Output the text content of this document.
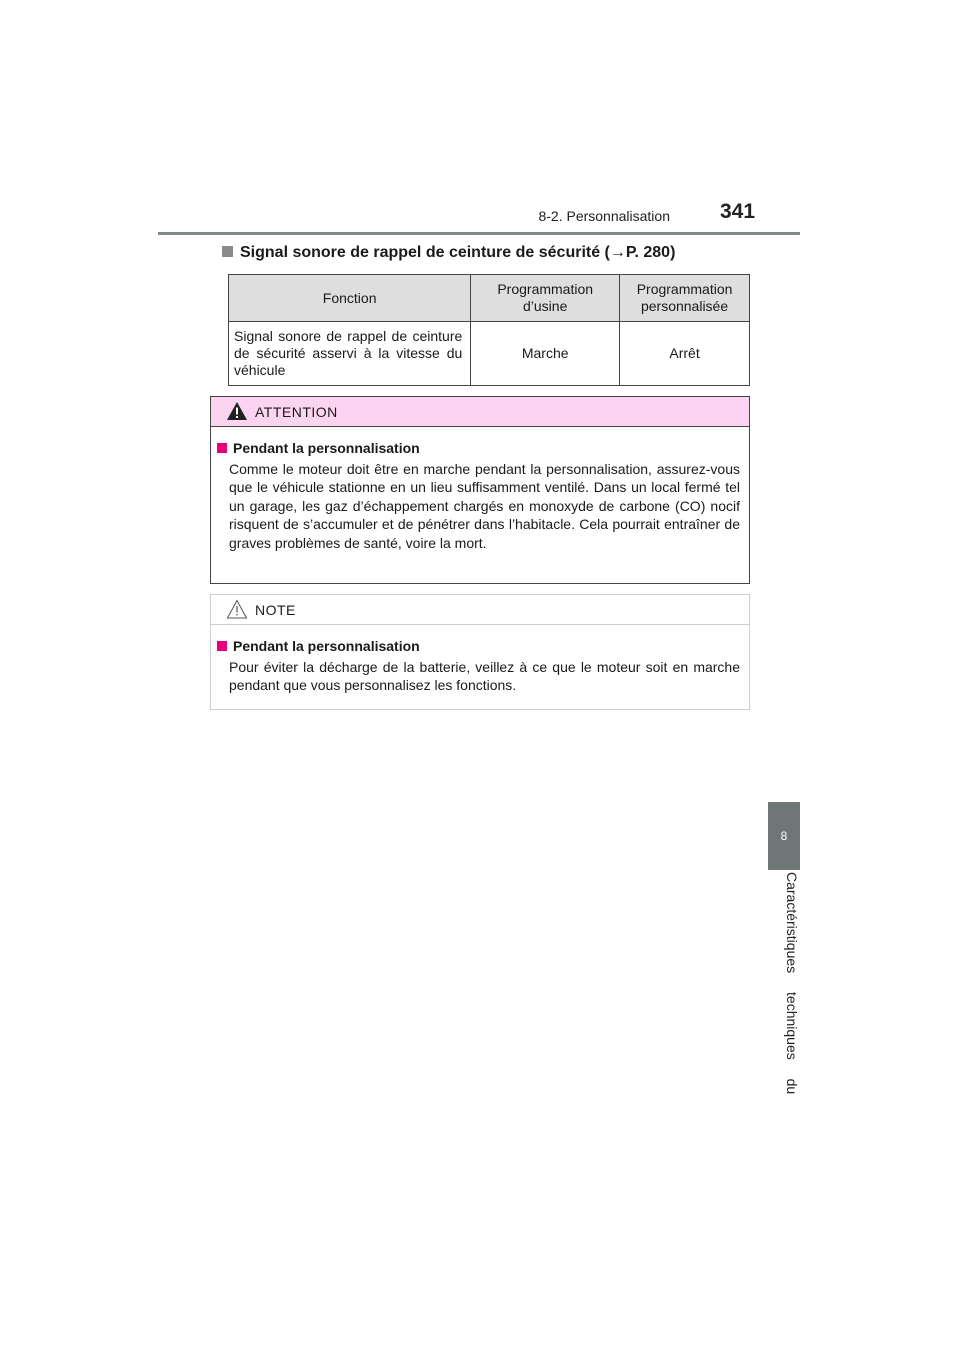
8-2. Personnalisation 341
Signal sonore de rappel de ceinture de sécurité (→P. 280)
Fonction	Programmation d’usine	Programmation personnalisée
Signal sonore de rappel de ceinture de sécurité asservi à la vitesse du véhicule	Marche	Arrêt
ATTENTION
Pendant la personnalisation
Comme le moteur doit être en marche pendant la personnalisation, assurez-vous que le véhicule stationne en un lieu suffisamment ventilé. Dans un local fermé tel un garage, les gaz d’échappement chargés en monoxyde de carbone (CO) nocif risquent de s’accumuler et de pénétrer dans l’habitacle. Cela pourrait entraîner de graves problèmes de santé, voire la mort.
NOTE
Pendant la personnalisation
Pour éviter la décharge de la batterie, veillez à ce que le moteur soit en marche pendant que vous personnalisez les fonctions.
8
Caractéristiques techniques du
